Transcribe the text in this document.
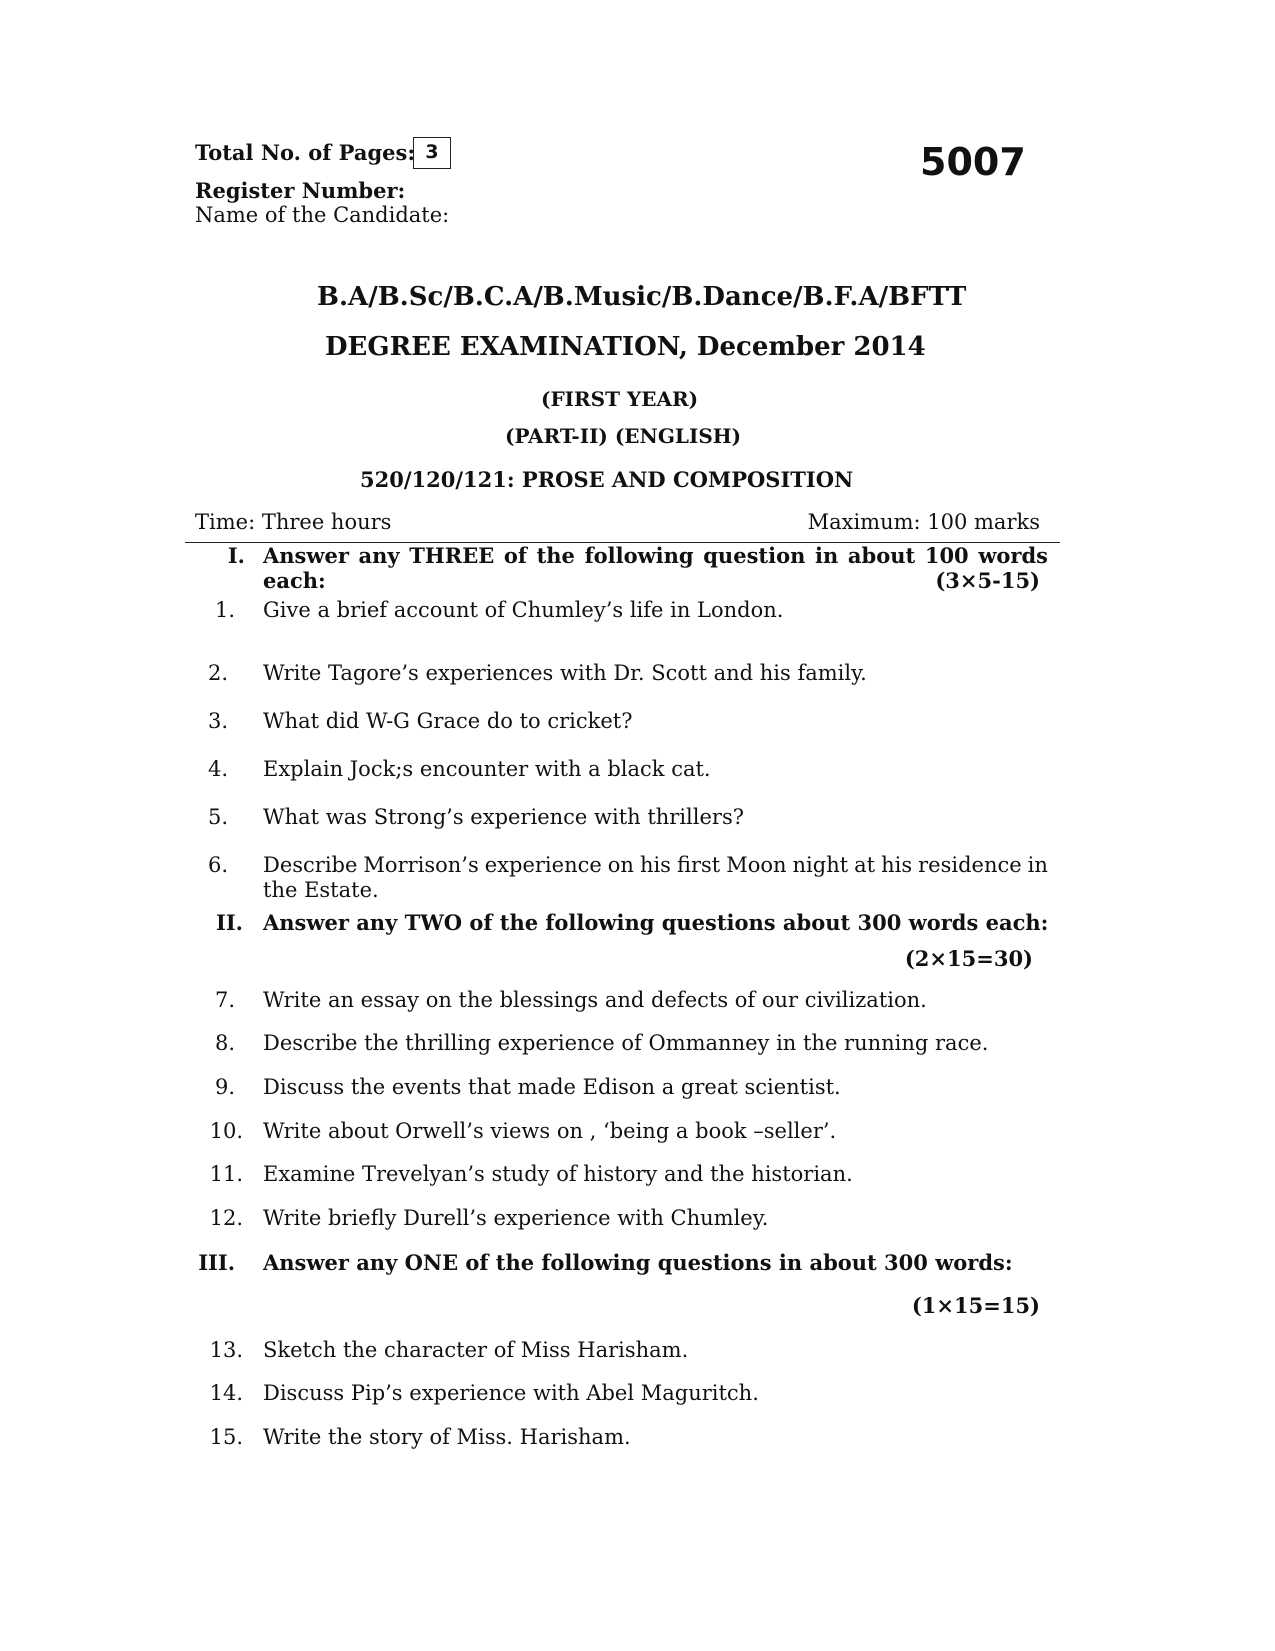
Total No. of Pages: 3
Register Number:
Name of the Candidate:
5007
B.A/B.Sc/B.C.A/B.Music/B.Dance/B.F.A/BFTT
DEGREE EXAMINATION, December 2014
(FIRST YEAR)
(PART-II) (ENGLISH)
520/120/121: PROSE AND COMPOSITION
Time: Three hours	Maximum: 100 marks
I. Answer any THREE of the following question in about 100 words
each:	(3×5-15)
1. Give a brief account of Chumley’s life in London.
2. Write Tagore’s experiences with Dr. Scott and his family.
3. What did W-G Grace do to cricket?
4. Explain Jock;s encounter with a black cat.
5. What was Strong’s experience with thrillers?
6. Describe Morrison’s experience on his first Moon night at his residence in
the Estate.
II. Answer any TWO of the following questions about 300 words each:
(2×15=30)
7. Write an essay on the blessings and defects of our civilization.
8. Describe the thrilling experience of Ommanney in the running race.
9. Discuss the events that made Edison a great scientist.
10. Write about Orwell’s views on , ‘being a book –seller’.
11. Examine Trevelyan’s study of history and the historian.
12. Write briefly Durell’s experience with Chumley.
III. Answer any ONE of the following questions in about 300 words:
(1×15=15)
13. Sketch the character of Miss Harisham.
14. Discuss Pip’s experience with Abel Maguritch.
15. Write the story of Miss. Harisham.
